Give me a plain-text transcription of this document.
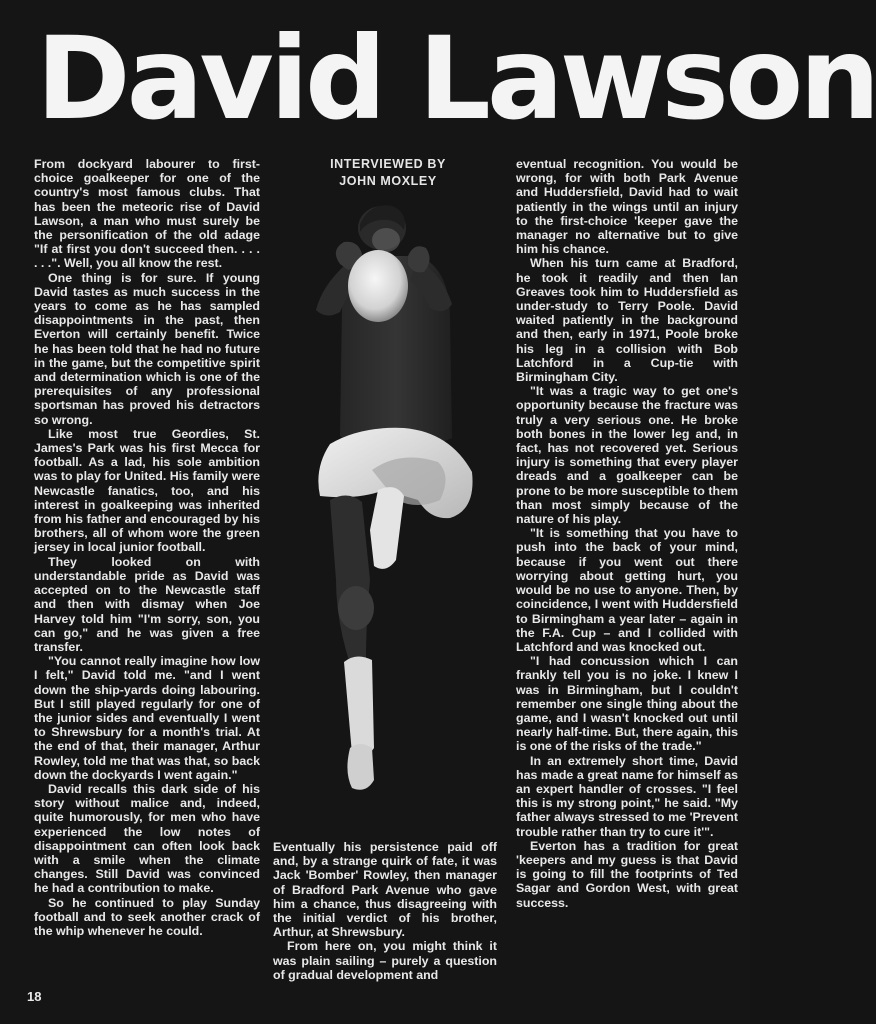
David Lawson

From dockyard labourer to first-choice goalkeeper for one of the country's most famous clubs. That has been the meteoric rise of David Lawson, a man who must surely be the personification of the old adage "If at first you don't succeed then. . . . . . .". Well, you all know the rest.

One thing is for sure. If young David tastes as much success in the years to come as he has sampled disappointments in the past, then Everton will certainly benefit. Twice he has been told that he had no future in the game, but the competitive spirit and determination which is one of the prerequisites of any professional sportsman has proved his detractors so wrong.

Like most true Geordies, St. James's Park was his first Mecca for football. As a lad, his sole ambition was to play for United. His family were Newcastle fanatics, too, and his interest in goalkeeping was inherited from his father and encouraged by his brothers, all of whom wore the green jersey in local junior football.

They looked on with understandable pride as David was accepted on to the Newcastle staff and then with dismay when Joe Harvey told him "I'm sorry, son, you can go," and he was given a free transfer.

"You cannot really imagine how low I felt," David told me. "and I went down the ship-yards doing labouring. But I still played regularly for one of the junior sides and eventually I went to Shrewsbury for a month's trial. At the end of that, their manager, Arthur Rowley, told me that was that, so back down the dockyards I went again."

David recalls this dark side of his story without malice and, indeed, quite humorously, for men who have experienced the low notes of disappointment can often look back with a smile when the climate changes. Still David was convinced he had a contribution to make.

So he continued to play Sunday football and to seek another crack of the whip whenever he could.

INTERVIEWED BY
JOHN MOXLEY

Eventually his persistence paid off and, by a strange quirk of fate, it was Jack 'Bomber' Rowley, then manager of Bradford Park Avenue who gave him a chance, thus disagreeing with the initial verdict of his brother, Arthur, at Shrewsbury.

From here on, you might think it was plain sailing – purely a question of gradual development and

eventual recognition. You would be wrong, for with both Park Avenue and Huddersfield, David had to wait patiently in the wings until an injury to the first-choice 'keeper gave the manager no alternative but to give him his chance.

When his turn came at Bradford, he took it readily and then Ian Greaves took him to Huddersfield as under-study to Terry Poole. David waited patiently in the background and then, early in 1971, Poole broke his leg in a collision with Bob Latchford in a Cup-tie with Birmingham City.

"It was a tragic way to get one's opportunity because the fracture was truly a very serious one. He broke both bones in the lower leg and, in fact, has not recovered yet. Serious injury is something that every player dreads and a goalkeeper can be prone to be more susceptible to them than most simply because of the nature of his play.

"It is something that you have to push into the back of your mind, because if you went out there worrying about getting hurt, you would be no use to anyone. Then, by coincidence, I went with Huddersfield to Birmingham a year later – again in the F.A. Cup – and I collided with Latchford and was knocked out.

"I had concussion which I can frankly tell you is no joke. I knew I was in Birmingham, but I couldn't remember one single thing about the game, and I wasn't knocked out until nearly half-time. But, there again, this is one of the risks of the trade."

In an extremely short time, David has made a great name for himself as an expert handler of crosses. "I feel this is my strong point," he said. "My father always stressed to me 'Prevent trouble rather than try to cure it'".

Everton has a tradition for great 'keepers and my guess is that David is going to fill the footprints of Ted Sagar and Gordon West, with great success.

18
